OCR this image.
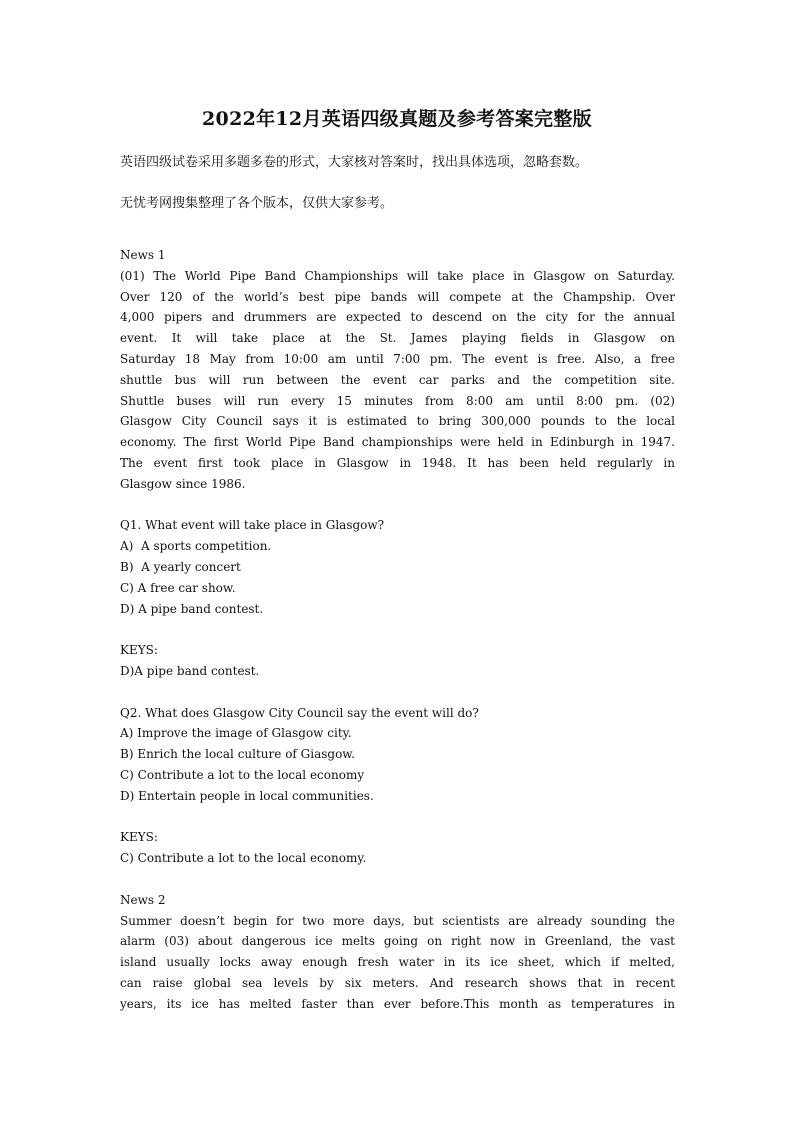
2022年12月英语四级真题及参考答案完整版

英语四级试卷采用多题多卷的形式，大家核对答案时，找出具体选项，忽略套数。

无忧考网搜集整理了各个版本，仅供大家参考。

News 1
(01) The World Pipe Band Championships will take place in Glasgow on Saturday.
Over 120 of the world’s best pipe bands will compete at the Champship. Over
4,000 pipers and drummers are expected to descend on the city for the annual
event. It will take place at the St. James playing fields in Glasgow on
Saturday 18 May from 10:00 am until 7:00 pm. The event is free. Also, a free
shuttle bus will run between the event car parks and the competition site.
Shuttle buses will run every 15 minutes from 8:00 am until 8:00 pm. (02)
Glasgow City Council says it is estimated to bring 300,000 pounds to the local
economy. The first World Pipe Band championships were held in Edinburgh in 1947.
The event first took place in Glasgow in 1948. It has been held regularly in
Glasgow since 1986.
Q1. What event will take place in Glasgow?
A)  A sports competition.
B)  A yearly concert
C) A free car show.
D) A pipe band contest.
KEYS:
D)A pipe band contest.
Q2. What does Glasgow City Council say the event will do?
A) Improve the image of Glasgow city.
B) Enrich the local culture of Giasgow.
C) Contribute a lot to the local economy
D) Entertain people in local communities.
KEYS:
C) Contribute a lot to the local economy.
News 2
Summer doesn’t begin for two more days, but scientists are already sounding the
alarm (03) about dangerous ice melts going on right now in Greenland, the vast
island usually locks away enough fresh water in its ice sheet, which if melted,
can raise global sea levels by six meters. And research shows that in recent
years, its ice has melted faster than ever before.This month as temperatures in
